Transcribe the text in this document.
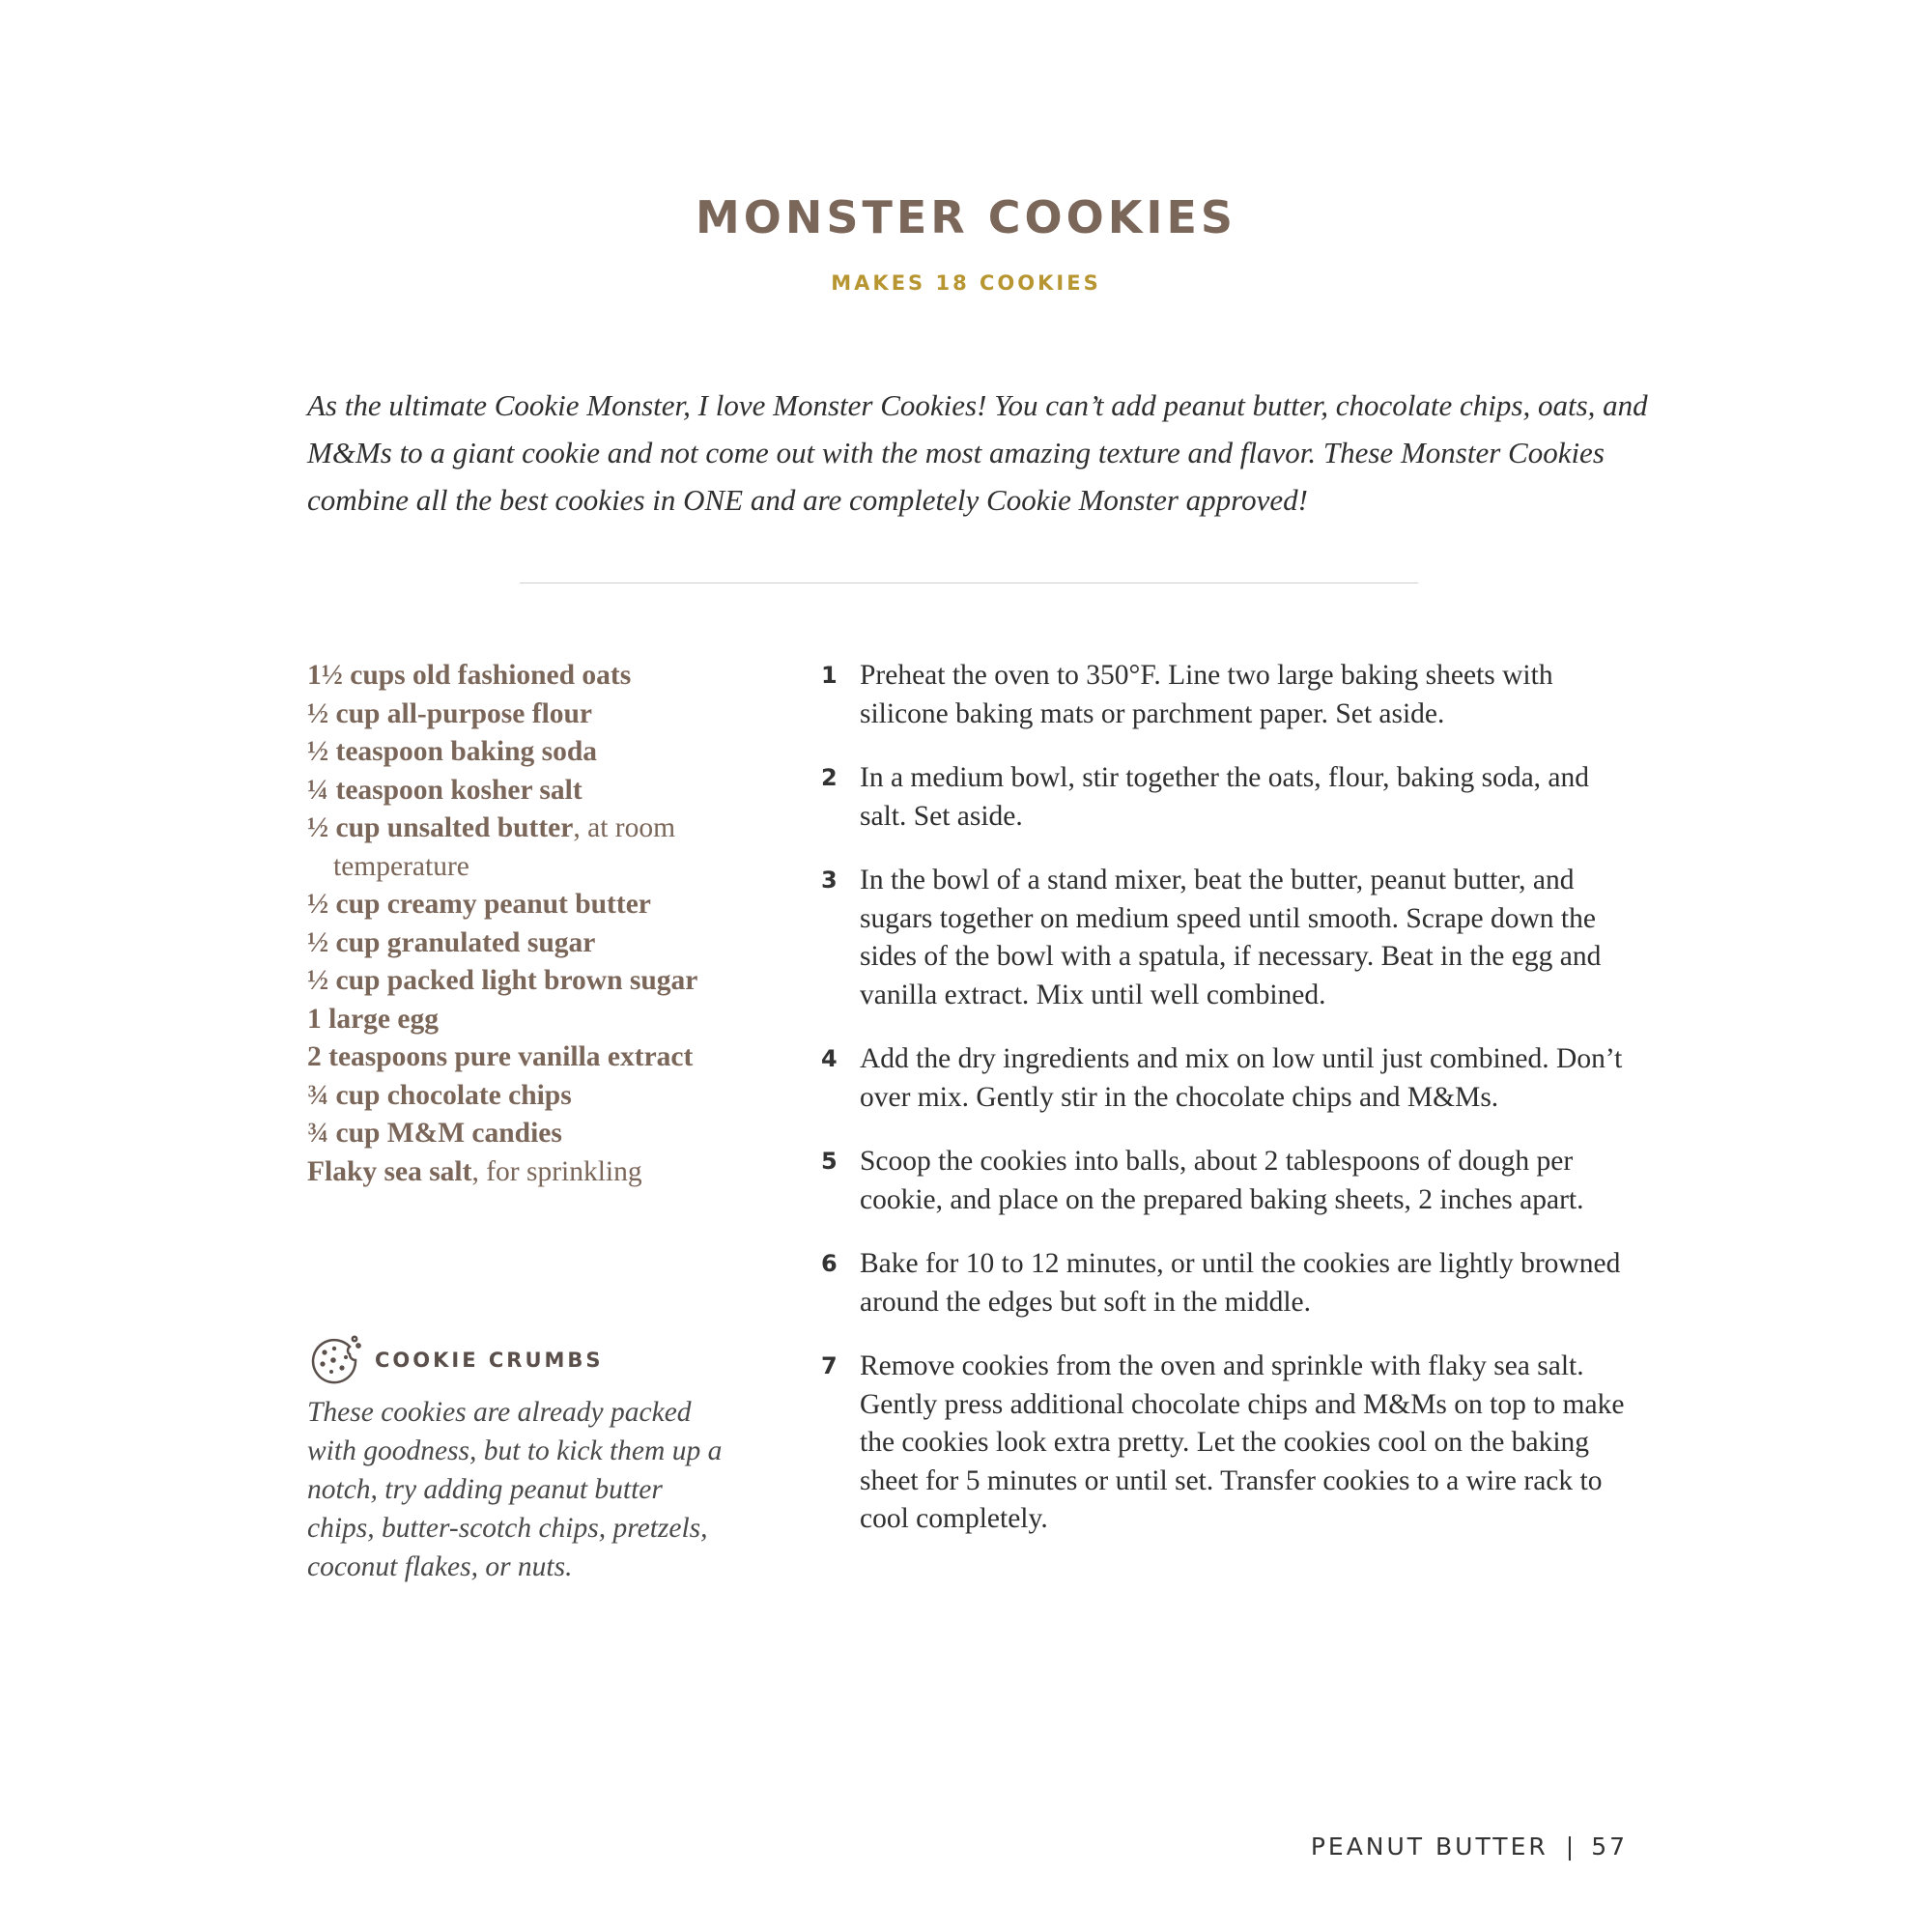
MONSTER COOKIES
MAKES 18 COOKIES
As the ultimate Cookie Monster, I love Monster Cookies! You can’t add peanut butter, chocolate chips, oats, and M&Ms to a giant cookie and not come out with the most amazing texture and flavor. These Monster Cookies combine all the best cookies in ONE and are completely Cookie Monster approved!
1½ cups old fashioned oats
½ cup all-purpose flour
½ teaspoon baking soda
¼ teaspoon kosher salt
½ cup unsalted butter, at room
temperature
½ cup creamy peanut butter
½ cup granulated sugar
½ cup packed light brown sugar
1 large egg
2 teaspoons pure vanilla extract
¾ cup chocolate chips
¾ cup M&M candies
Flaky sea salt, for sprinkling
COOKIE CRUMBS
These cookies are already packed with goodness, but to kick them up a notch, try adding peanut butter chips, butter-scotch chips, pretzels, coconut flakes, or nuts.
1 Preheat the oven to 350°F. Line two large baking sheets with silicone baking mats or parchment paper. Set aside.
2 In a medium bowl, stir together the oats, flour, baking soda, and salt. Set aside.
3 In the bowl of a stand mixer, beat the butter, peanut butter, and sugars together on medium speed until smooth. Scrape down the sides of the bowl with a spatula, if necessary. Beat in the egg and vanilla extract. Mix until well combined.
4 Add the dry ingredients and mix on low until just combined. Don’t over mix. Gently stir in the chocolate chips and M&Ms.
5 Scoop the cookies into balls, about 2 tablespoons of dough per cookie, and place on the prepared baking sheets, 2 inches apart.
6 Bake for 10 to 12 minutes, or until the cookies are lightly browned around the edges but soft in the middle.
7 Remove cookies from the oven and sprinkle with flaky sea salt. Gently press additional chocolate chips and M&Ms on top to make the cookies look extra pretty. Let the cookies cool on the baking sheet for 5 minutes or until set. Transfer cookies to a wire rack to cool completely.
PEANUT BUTTER | 57
